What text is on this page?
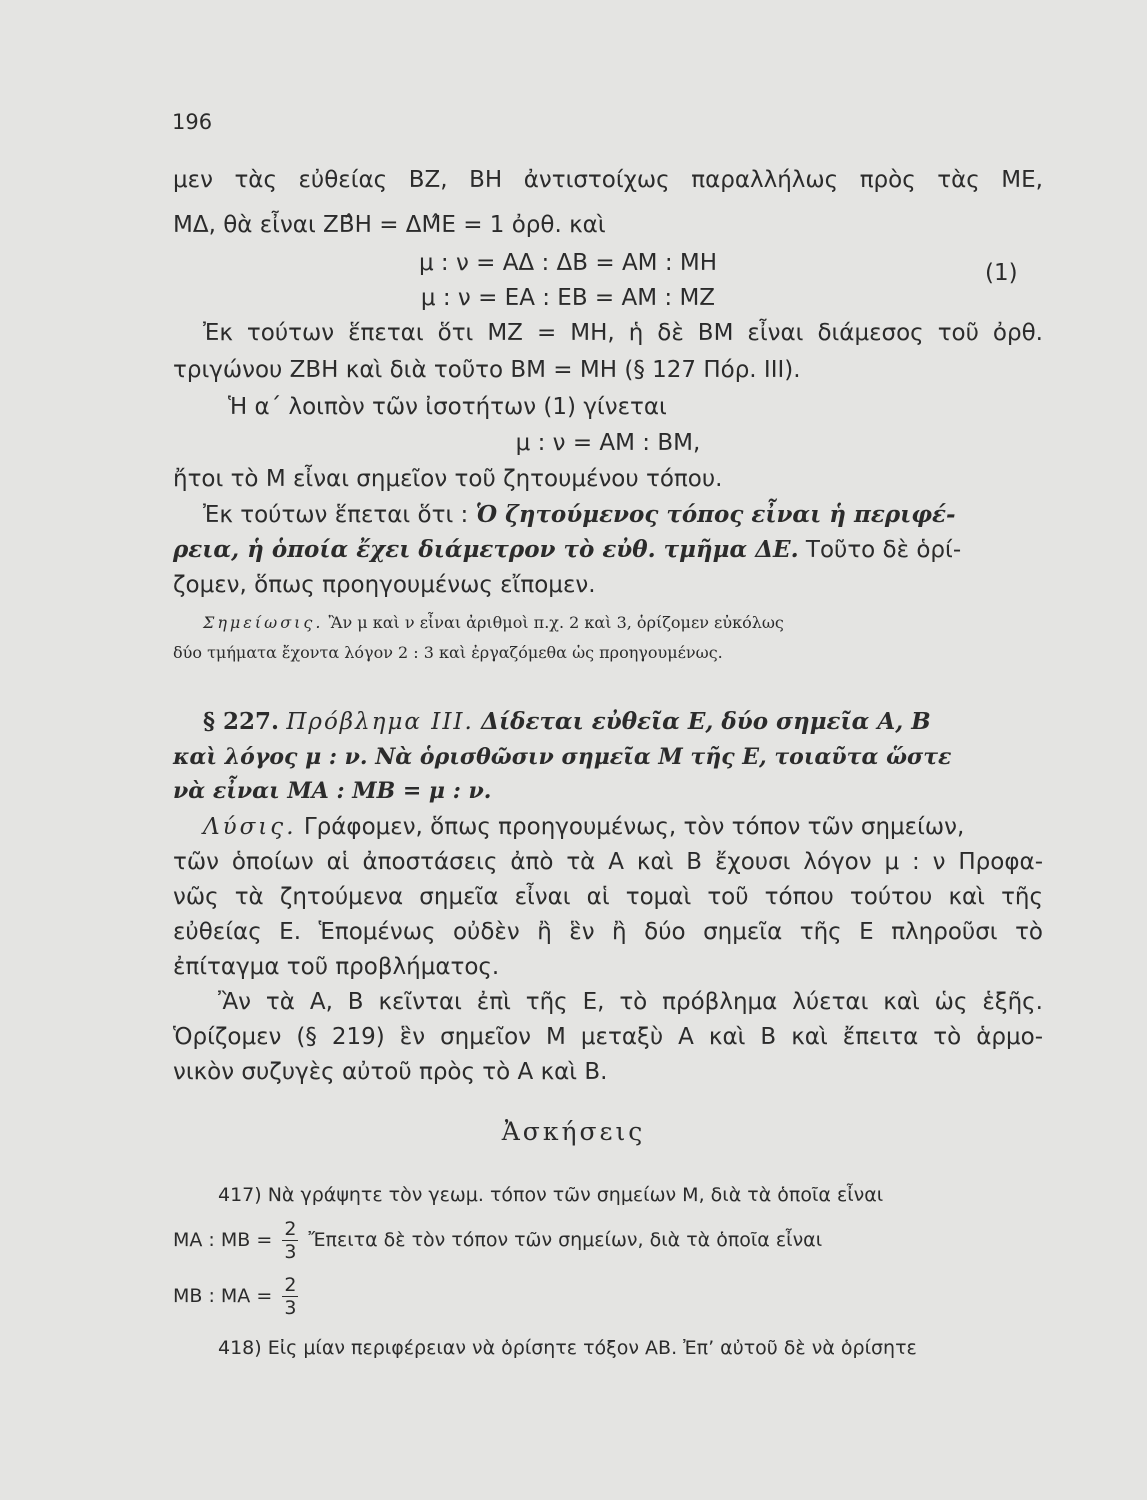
196
μεν τὰς εὐθείας ΒΖ, ΒΗ ἀντιστοίχως παραλλήλως πρὸς τὰς ΜΕ,
ΜΔ, θὰ εἶναι ΖΒ̂Η = ΔΜ̂Ε = 1 ὀρθ. καὶ
μ : ν = ΑΔ : ΔΒ = ΑΜ : ΜΗ
μ : ν = ΕΑ : ΕΒ = ΑΜ : ΜΖ
(1)
Ἐκ τούτων ἕπεται ὅτι ΜΖ = ΜΗ, ἡ δὲ ΒΜ εἶναι διάμεσος τοῦ ὀρθ.
τριγώνου ΖΒΗ καὶ διὰ τοῦτο ΒΜ = ΜΗ (§ 127 Πόρ. ΙΙΙ).
Ἡ α΄ λοιπὸν τῶν ἰσοτήτων (1) γίνεται
μ : ν = ΑΜ : ΒΜ,
ἤτοι τὸ Μ εἶναι σημεῖον τοῦ ζητουμένου τόπου.
Ἐκ τούτων ἕπεται ὅτι : Ὁ ζητούμενος τόπος εἶναι ἡ περιφέ-
ρεια, ἡ ὁποία ἔχει διάμετρον τὸ εὐθ. τμῆμα ΔΕ. Τοῦτο δὲ ὁρί-
ζομεν, ὅπως προηγουμένως εἴπομεν.
Σημείωσις. Ἂν μ καὶ ν εἶναι ἀριθμοὶ π.χ. 2 καὶ 3, ὁρίζομεν εὐκόλως
δύο τμήματα ἔχοντα λόγον 2 : 3 καὶ ἐργαζόμεθα ὡς προηγουμένως.
§ 227. Πρόβλημα ΙΙΙ. Δίδεται εὐθεῖα Ε, δύο σημεῖα Α, Β
καὶ λόγος μ : ν. Νὰ ὁρισθῶσιν σημεῖα Μ τῆς Ε, τοιαῦτα ὥστε
νὰ εἶναι ΜΑ : ΜΒ = μ : ν.
Λύσις. Γράφομεν, ὅπως προηγουμένως, τὸν τόπον τῶν σημείων,
τῶν ὁποίων αἱ ἀποστάσεις ἀπὸ τὰ Α καὶ Β ἔχουσι λόγον μ : ν Προφα-
νῶς τὰ ζητούμενα σημεῖα εἶναι αἱ τομαὶ τοῦ τόπου τούτου καὶ τῆς
εὐθείας Ε. Ἑπομένως οὐδὲν ἢ ἓν ἢ δύο σημεῖα τῆς Ε πληροῦσι τὸ
ἐπίταγμα τοῦ προβλήματος.
Ἂν τὰ Α, Β κεῖνται ἐπὶ τῆς Ε, τὸ πρόβλημα λύεται καὶ ὡς ἑξῆς.
Ὁρίζομεν (§ 219) ἓν σημεῖον Μ μεταξὺ Α καὶ Β καὶ ἔπειτα τὸ ἁρμο-
νικὸν συζυγὲς αὐτοῦ πρὸς τὸ Α καὶ Β.
Ἀσκήσεις
417) Νὰ γράψητε τὸν γεωμ. τόπον τῶν σημείων Μ, διὰ τὰ ὁποῖα εἶναι
ΜΑ : $MB = \frac{2}{3}$ Ἔπειτα δὲ τὸν τόπον τῶν σημείων, διὰ τὰ ὁποῖα εἶναι
ΜΒ : $MA = \frac{2}{3}$
418) Εἰς μίαν περιφέρειαν νὰ ὁρίσητε τόξον ΑΒ. Ἐπ’ αὐτοῦ δὲ νὰ ὁρίσητε
